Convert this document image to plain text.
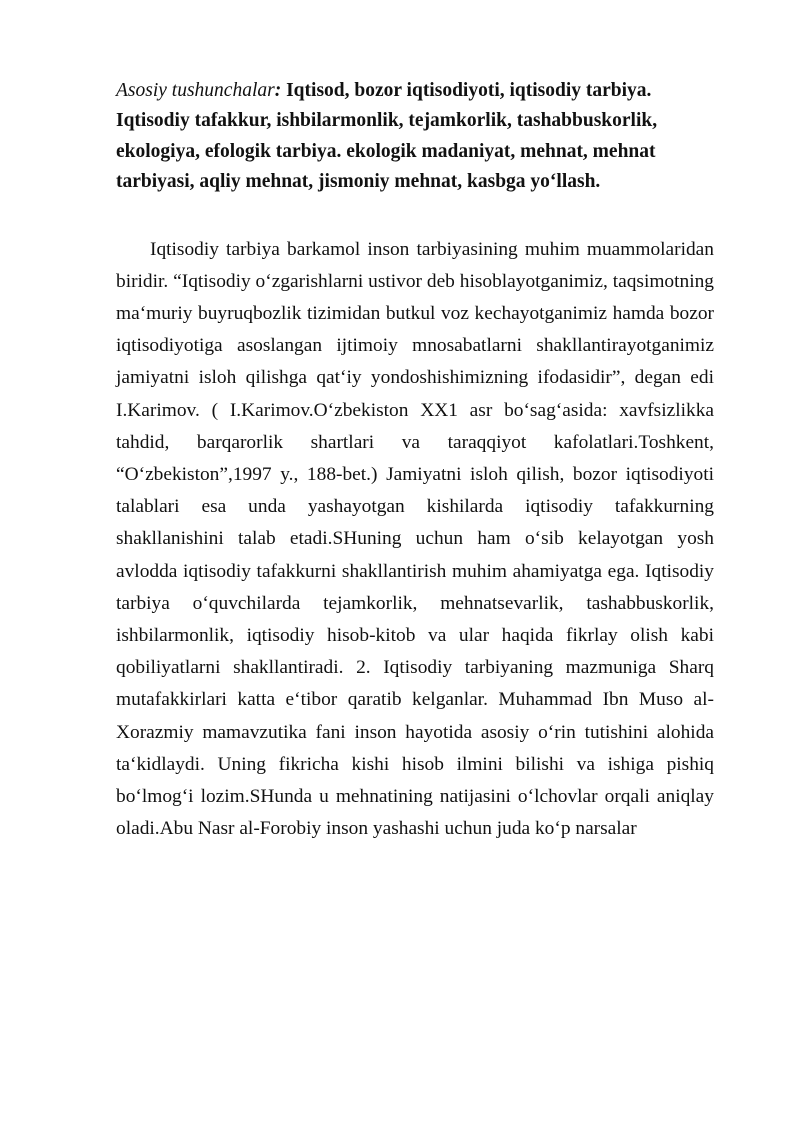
Asosiy tushunchalar: Iqtisod, bozor iqtisodiyoti, iqtisodiy tarbiya. Iqtisodiy tafakkur, ishbilarmonlik, tejamkorlik, tashabbuskorlik, ekologiya, efologik tarbiya. ekologik madaniyat, mehnat, mehnat tarbiyasi, aqliy mehnat, jismoniy mehnat, kasbga yo‘llash.

Iqtisodiy tarbiya barkamol inson tarbiyasining muhim muammolaridan biridir. “Iqtisodiy o‘zgarishlarni ustivor deb hisoblayotganimiz, taqsimotning ma‘muriy buyruqbozlik tizimidan butkul voz kechayotganimiz hamda bozor iqtisodiyotiga asoslangan ijtimoiy mnosabatlarni shakllantirayotganimiz jamiyatni isloh qilishga qat‘iy yondoshishimizning ifodasidir”, degan edi I.Karimov. ( I.Karimov.O‘zbekiston XX1 asr bo‘sag‘asida: xavfsizlikka tahdid, barqarorlik shartlari va taraqqiyot kafolatlari.Toshkent, “O‘zbekiston”,1997 y., 188-bet.) Jamiyatni isloh qilish, bozor iqtisodiyoti talablari esa unda yashayotgan kishilarda iqtisodiy tafakkurning shakllanishini talab etadi.SHuning uchun ham o‘sib kelayotgan yosh avlodda iqtisodiy tafakkurni shakllantirish muhim ahamiyatga ega. Iqtisodiy tarbiya o‘quvchilarda tejamkorlik, mehnatsevarlik, tashabbuskorlik, ishbilarmonlik, iqtisodiy hisob-kitob va ular haqida fikrlay olish kabi qobiliyatlarni shakllantiradi. 2. Iqtisodiy tarbiyaning mazmuniga Sharq mutafakkirlari katta e‘tibor qaratib kelganlar. Muhammad Ibn Muso al-Xorazmiy mamavzutika fani inson hayotida asosiy o‘rin tutishini alohida ta‘kidlaydi. Uning fikricha kishi hisob ilmini bilishi va ishiga pishiq bo‘lmog‘i lozim.SHunda u mehnatining natijasini o‘lchovlar orqali aniqlay oladi.Abu Nasr al-Forobiy inson yashashi uchun juda ko‘p narsalar
